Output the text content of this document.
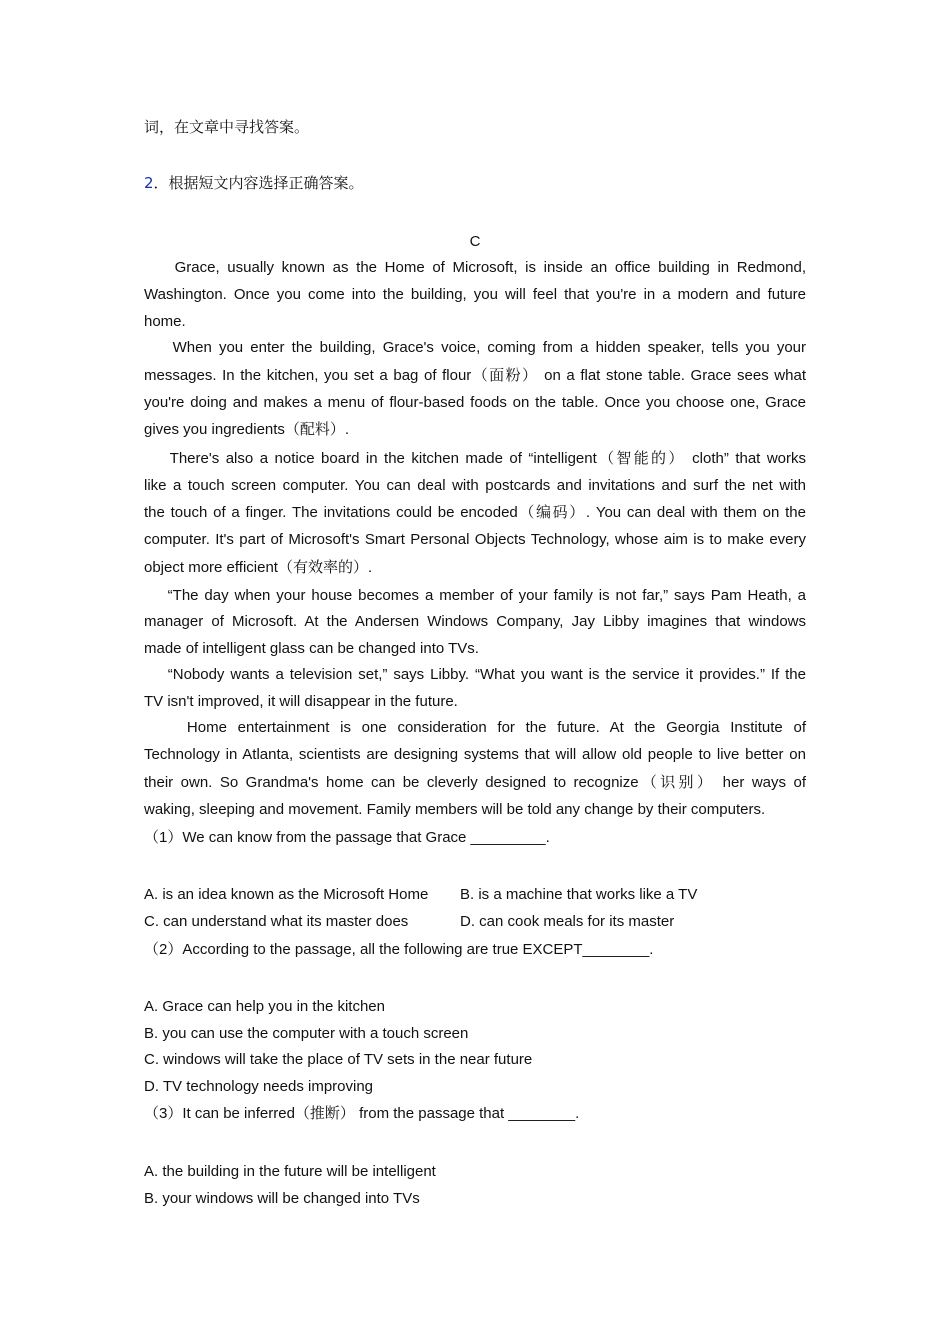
词，在文章中寻找答案。
2．根据短文内容选择正确答案。
C
Grace, usually known as the Home of Microsoft, is inside an office building in Redmond,
Washington. Once you come into the building, you will feel that you're in a modern and future
home.
When you enter the building, Grace's voice, coming from a hidden speaker, tells you your
messages. In the kitchen, you set a bag of flour（面粉） on a flat stone table. Grace sees what
you're doing and makes a menu of flour-based foods on the table. Once you choose one, Grace
gives you ingredients（配料）.
There's also a notice board in the kitchen made of “intelligent（智能的） cloth” that works
like a touch screen computer. You can deal with postcards and invitations and surf the net with
the touch of a finger. The invitations could be encoded（编码）. You can deal with them on the
computer. It's part of Microsoft's Smart Personal Objects Technology, whose aim is to make every
object more efficient（有效率的）.
“The day when your house becomes a member of your family is not far,” says Pam Heath, a
manager of Microsoft. At the Andersen Windows Company, Jay Libby imagines that windows
made of intelligent glass can be changed into TVs.
“Nobody wants a television set,” says Libby. “What you want is the service it provides.” If the
TV isn't improved, it will disappear in the future.
Home entertainment is one consideration for the future. At the Georgia Institute of
Technology in Atlanta, scientists are designing systems that will allow old people to live better on
their own. So Grandma's home can be cleverly designed to recognize（识别） her ways of
waking, sleeping and movement. Family members will be told any change by their computers.
（1）We can know from the passage that Grace _________.
A. is an idea known as the Microsoft Home B. is a machine that works like a TV
C. can understand what its master does	D. can cook meals for its master
（2）According to the passage, all the following are true EXCEPT________.
A. Grace can help you in the kitchen
B. you can use the computer with a touch screen
C. windows will take the place of TV sets in the near future
D. TV technology needs improving
（3）It can be inferred（推断） from the passage that ________.
A. the building in the future will be intelligent
B. your windows will be changed into TVs
